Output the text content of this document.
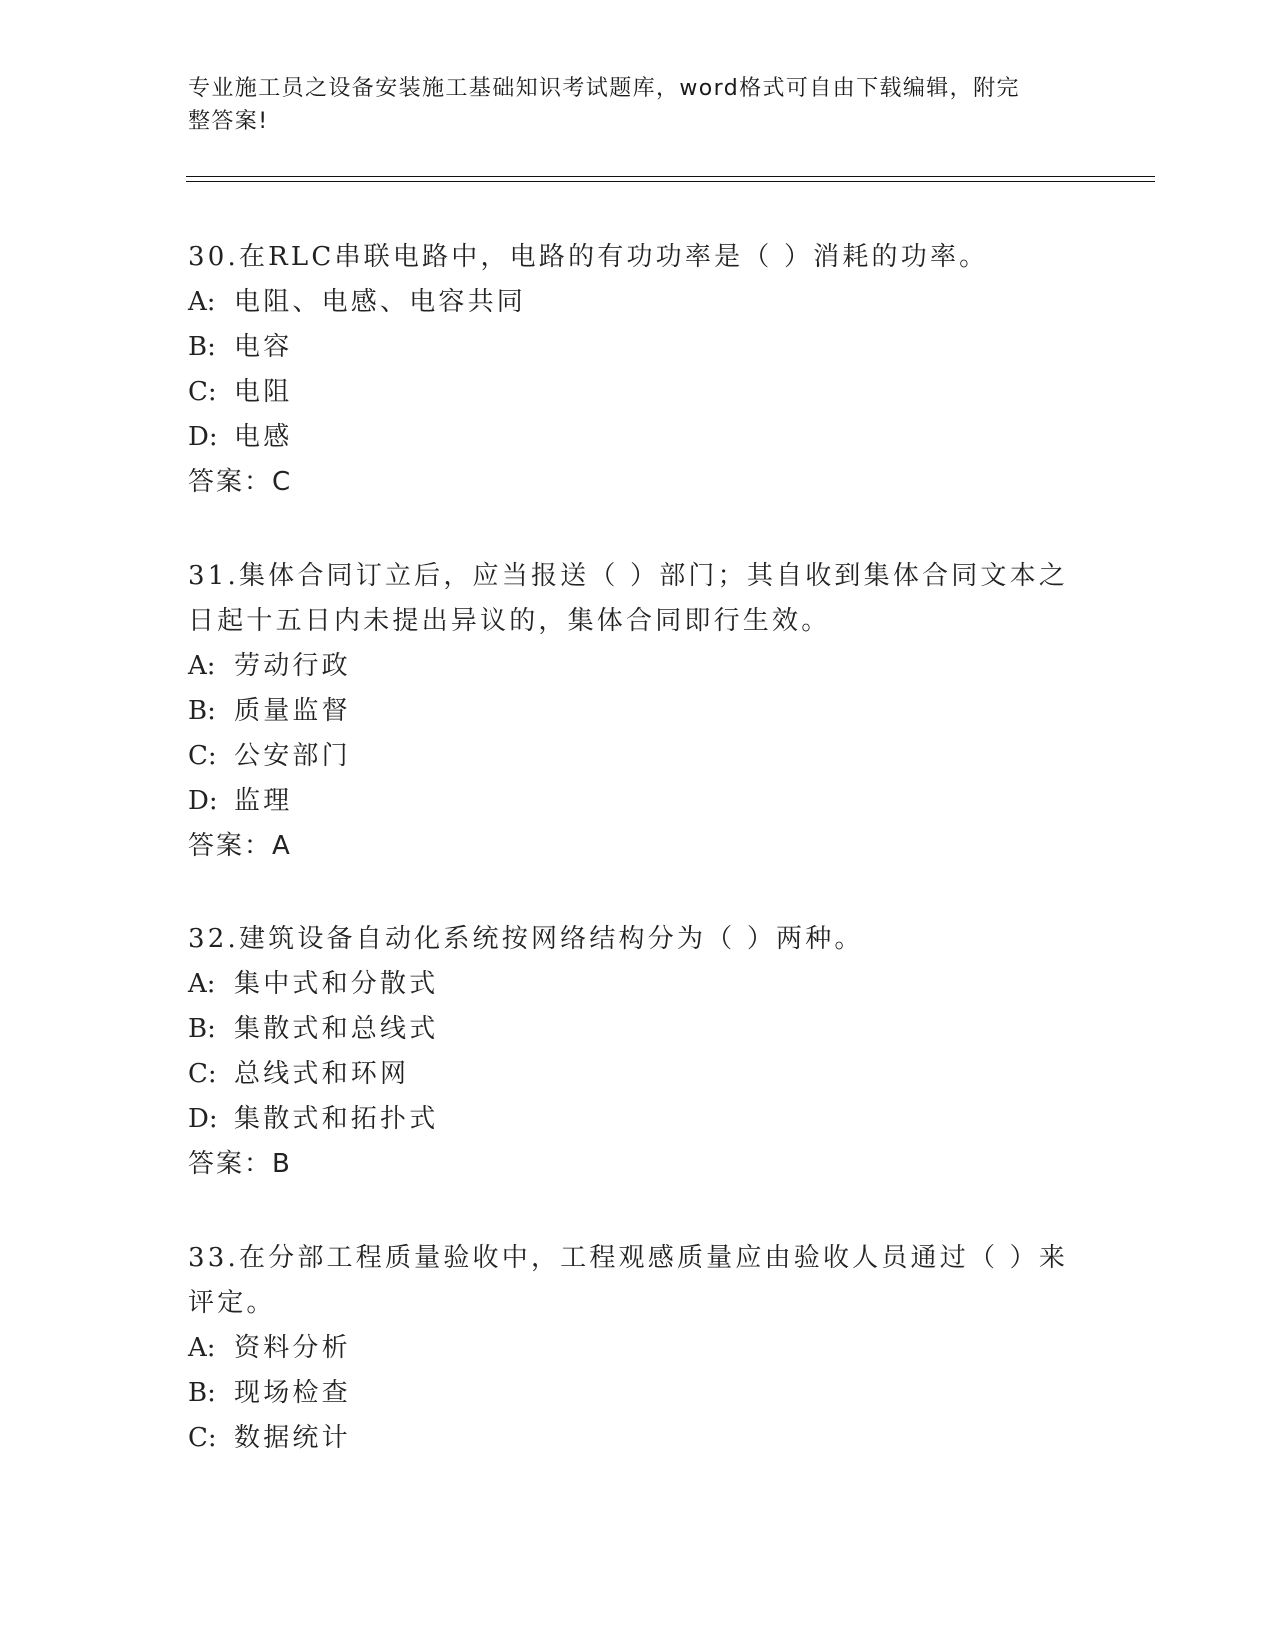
专业施工员之设备安装施工基础知识考试题库，word格式可自由下载编辑，附完
整答案!

30.在RLC串联电路中，电路的有功功率是（ ）消耗的功率。

A: 电阻、电感、电容共同
B: 电容
C: 电阻
D: 电感
答案：C

31.集体合同订立后，应当报送（ ）部门；其自收到集体合同文本之日起十五日内未提出异议的，集体合同即行生效。

A: 劳动行政
B: 质量监督
C: 公安部门
D: 监理
答案：A

32.建筑设备自动化系统按网络结构分为（ ）两种。

A: 集中式和分散式
B: 集散式和总线式
C: 总线式和环网
D: 集散式和拓扑式
答案：B

33.在分部工程质量验收中，工程观感质量应由验收人员通过（ ）来评定。

A: 资料分析
B: 现场检查
C: 数据统计
